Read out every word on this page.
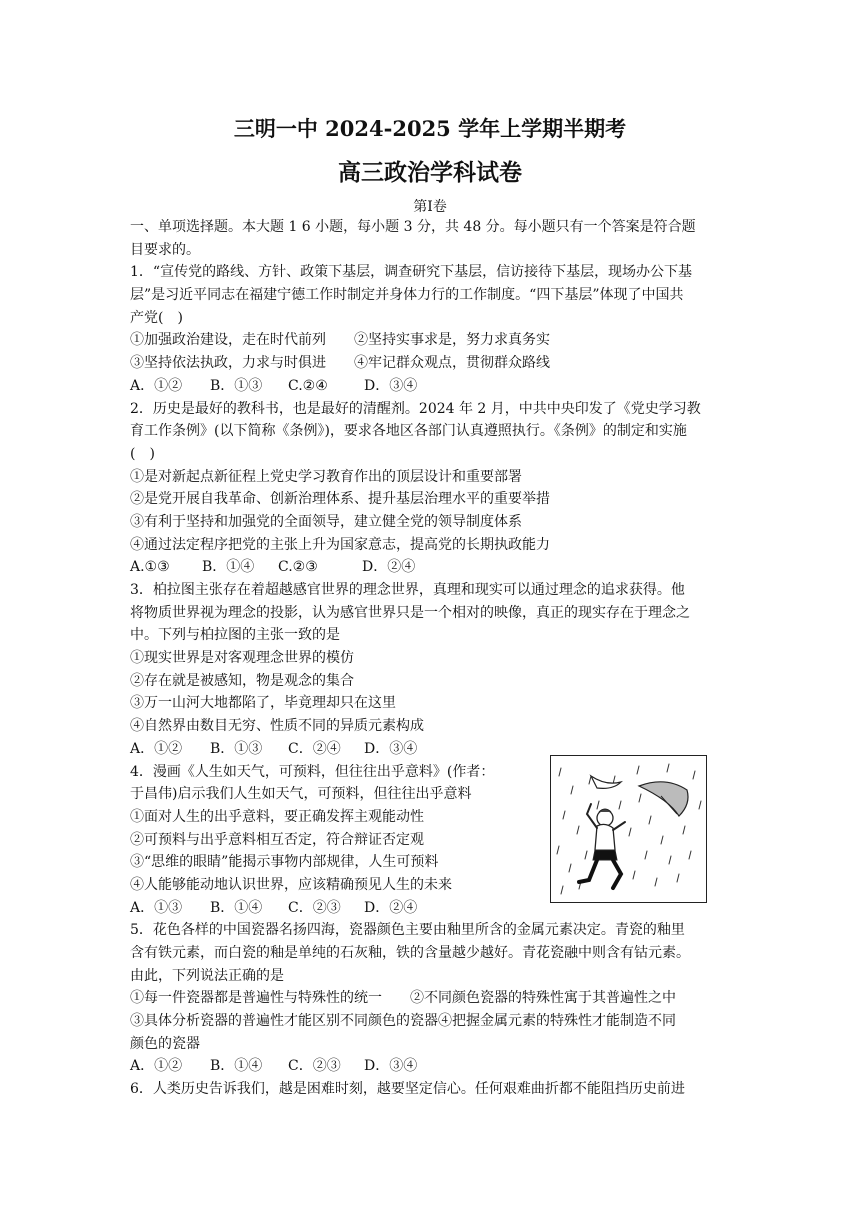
三明一中 2024-2025 学年上学期半期考
高三政治学科试卷
第Ⅰ卷
一、单项选择题。本大题 1 6 小题，每小题 3 分，共 48 分。每小题只有一个答案是符合题
目要求的。
1．“宣传党的路线、方针、政策下基层，调查研究下基层，信访接待下基层，现场办公下基
层”是习近平同志在福建宁德工作时制定并身体力行的工作制度。“四下基层”体现了中国共
产党(　)
①加强政治建设，走在时代前列　　②坚持实事求是，努力求真务实
③坚持依法执政，力求与时俱进　　④牢记群众观点，贯彻群众路线
A．①② B．①③ C.②④	D．③④
2．历史是最好的教科书，也是最好的清醒剂。2024 年 2 月，中共中央印发了《党史学习教
育工作条例》(以下简称《条例》)，要求各地区各部门认真遵照执行。《条例》的制定和实施
(　)
①是对新起点新征程上党史学习教育作出的顶层设计和重要部署
②是党开展自我革命、创新治理体系、提升基层治理水平的重要举措
③有利于坚持和加强党的全面领导，建立健全党的领导制度体系
④通过法定程序把党的主张上升为国家意志，提高党的长期执政能力
A.①③ B．①④ C.②③	D．②④
3．柏拉图主张存在着超越感官世界的理念世界，真理和现实可以通过理念的追求获得。他
将物质世界视为理念的投影，认为感官世界只是一个相对的映像，真正的现实存在于理念之
中。下列与柏拉图的主张一致的是
①现实世界是对客观理念世界的模仿
②存在就是被感知，物是观念的集合
③万一山河大地都陷了，毕竟理却只在这里
④自然界由数目无穷、性质不同的异质元素构成
A．①② B．①③ C．②④ D．③④
4．漫画《人生如天气，可预料，但往往出乎意料》(作者：
于昌伟)启示我们人生如天气，可预料，但往往出乎意料
①面对人生的出乎意料，要正确发挥主观能动性
②可预料与出乎意料相互否定，符合辩证否定观
③“思维的眼睛”能揭示事物内部规律，人生可预料
④人能够能动地认识世界，应该精确预见人生的未来
A．①③ B．①④ C．②③ D．②④
5．花色各样的中国瓷器名扬四海，瓷器颜色主要由釉里所含的金属元素决定。青瓷的釉里
含有铁元素，而白瓷的釉是单纯的石灰釉，铁的含量越少越好。青花瓷融中则含有钴元素。
由此，下列说法正确的是
①每一件瓷器都是普遍性与特殊性的统一　　②不同颜色瓷器的特殊性寓于其普遍性之中
③具体分析瓷器的普遍性才能区别不同颜色的瓷器④把握金属元素的特殊性才能制造不同
颜色的瓷器
A．①② B．①④ C．②③ D．③④
6．人类历史告诉我们，越是困难时刻，越要坚定信心。任何艰难曲折都不能阻挡历史前进
